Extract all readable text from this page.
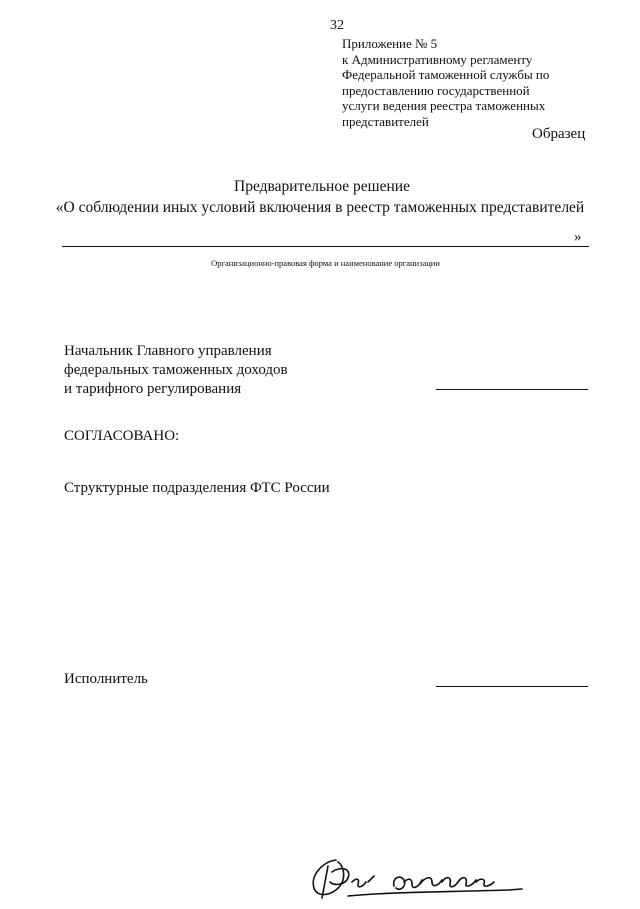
32
Приложение № 5
к Административному регламенту
Федеральной таможенной службы по
предоставлению государственной
услуги ведения реестра таможенных
представителей
Образец
Предварительное решение
«О соблюдении иных условий включения в реестр таможенных представителей
»
Организационно-правовая форма и наименование организации
Начальник Главного управления
федеральных таможенных доходов
и тарифного регулирования
СОГЛАСОВАНО:
Структурные подразделения ФТС России
Исполнитель
